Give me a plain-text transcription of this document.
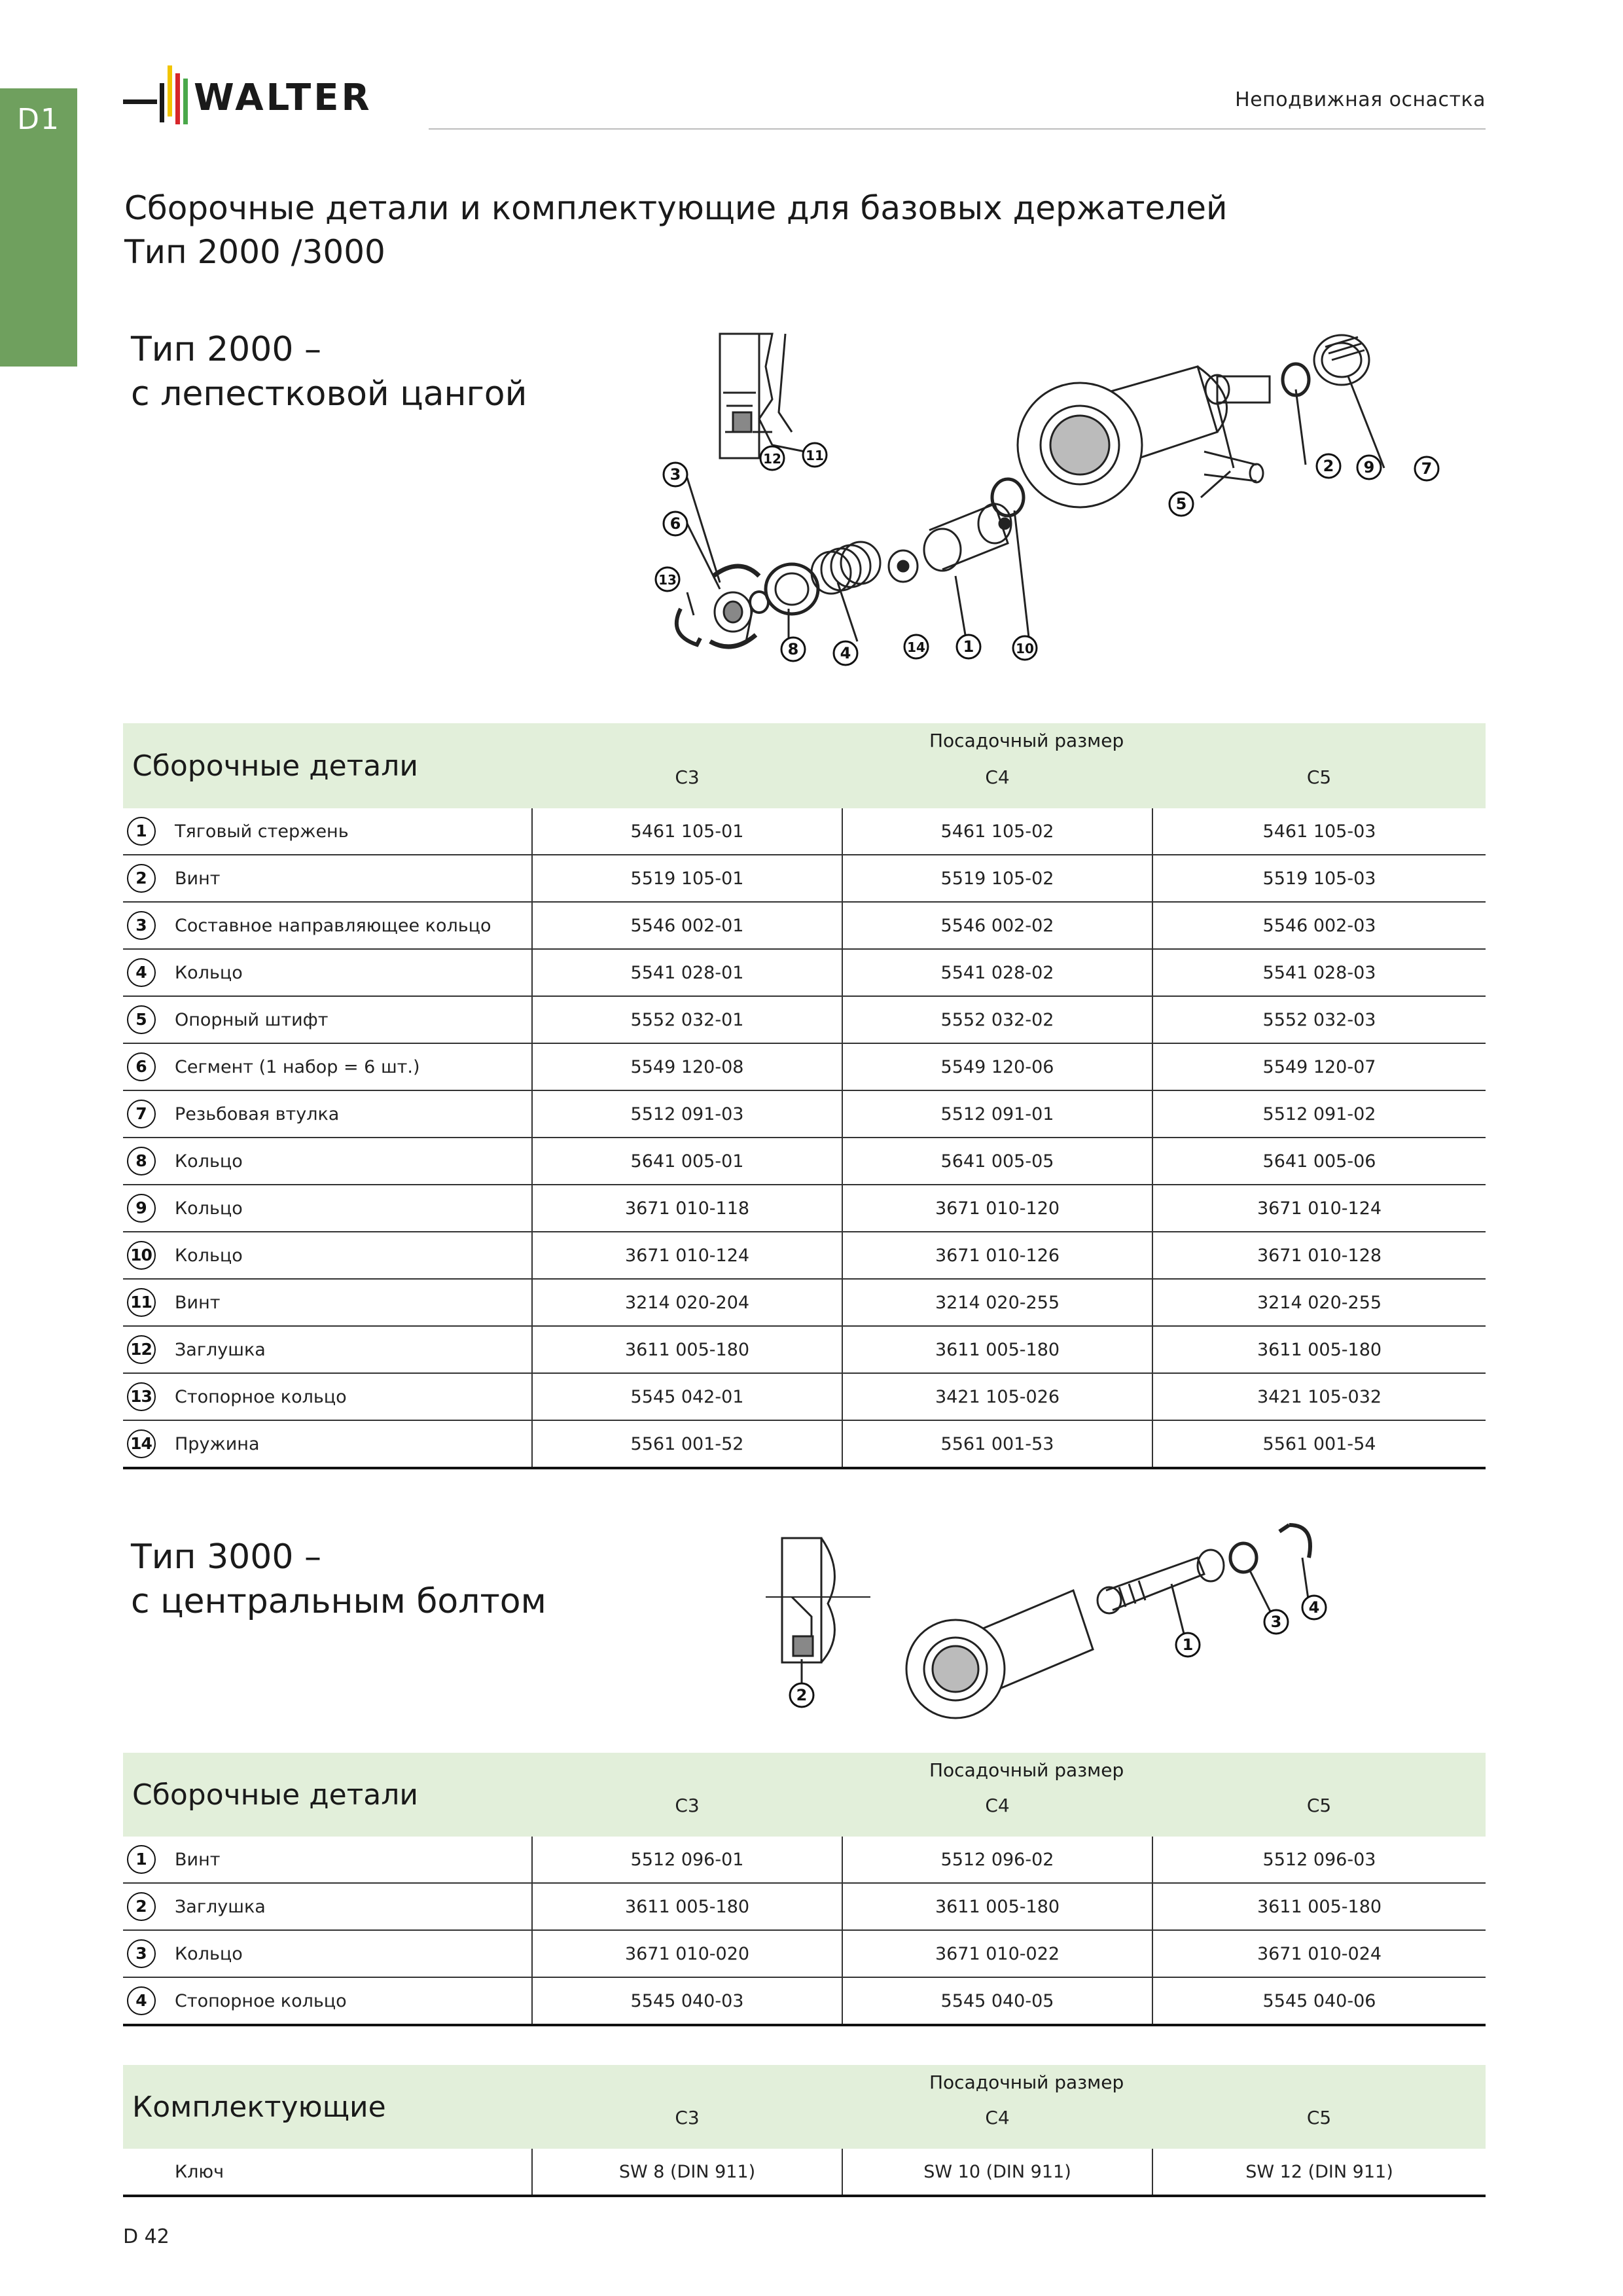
D1
WALTER	Неподвижная оснастка
Сборочные детали и комплектующие для базовых держателей
Тип 2000 /3000
Тип 2000 –
с лепестковой цангой
3
6
13
8	4	14 1	10
12 11
5
2 9	7
Сборочные детали				
		C3	C4	C5
1	Тяговый стержень	5461 105-01	5461 105-02	5461 105-03
2	Винт	5519 105-01	5519 105-02	5519 105-03
3	Составное направляющее кольцо	5546 002-01	5546 002-02	5546 002-03
4	Кольцо	5541 028-01	5541 028-02	5541 028-03
5	Опорный штифт	5552 032-01	5552 032-02	5552 032-03
6	Сегмент (1 набор = 6 шт.)	5549 120-08	5549 120-06	5549 120-07
7	Резьбовая втулка	5512 091-03	5512 091-01	5512 091-02
8	Кольцо	5641 005-01	5641 005-05	5641 005-06
9	Кольцо	3671 010-118	3671 010-120	3671 010-124
10	Кольцо	3671 010-124	3671 010-126	3671 010-128
11	Винт	3214 020-204	3214 020-255	3214 020-255
12	Заглушка	3611 005-180	3611 005-180	3611 005-180
13	Стопорное кольцо	5545 042-01	3421 105-026	3421 105-032
14	Пружина	5561 001-52	5561 001-53	5561 001-54
Посадочный размер
Тип 3000 –
с центральным болтом
2
1
3
4
Сборочные детали				
		C3	C4	C5
1	Винт	5512 096-01	5512 096-02	5512 096-03
2	Заглушка	3611 005-180	3611 005-180	3611 005-180
3	Кольцо	3671 010-020	3671 010-022	3671 010-024
4	Стопорное кольцо	5545 040-03	5545 040-05	5545 040-06
Посадочный размер
Комплектующие				
		C3	C4	C5
	Ключ	SW 8 (DIN 911)	SW 10 (DIN 911)	SW 12 (DIN 911)
Посадочный размер
D 42
